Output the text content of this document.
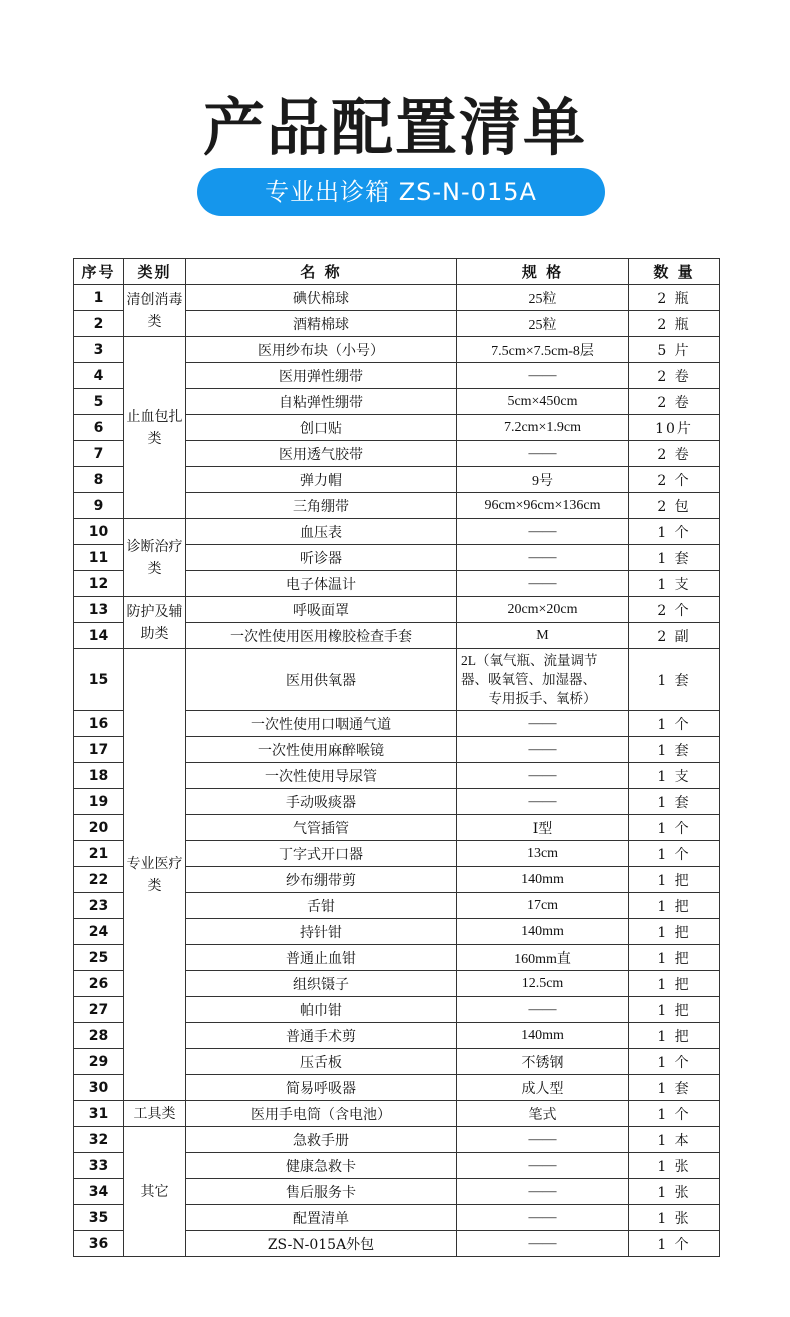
产品配置清单
专业出诊箱 ZS-N-015A
序号	类别	名 称	规 格	数 量
1	清创消毒类	碘伏棉球	25粒	2 瓶
2		酒精棉球	25粒	2 瓶
3	止血包扎类	医用纱布块（小号）	7.5cm×7.5cm-8层	5 片
4		医用弹性绷带	——	2 卷
5		自粘弹性绷带	5cm×450cm	2 卷
6		创口贴	7.2cm×1.9cm	10片
7		医用透气胶带	——	2 卷
8		弹力帽	9号	2 个
9		三角绷带	96cm×96cm×136cm	2 包
10	诊断治疗类	血压表	——	1 个
11		听诊器	——	1 套
12		电子体温计	——	1 支
13	防护及辅助类	呼吸面罩	20cm×20cm	2 个
14		一次性使用医用橡胶检查手套	M	2 副
15	专业医疗类	医用供氧器	2L（氧气瓶、流量调节
器、吸氧管、加湿器、
专用扳手、氧桥）	1 套
16		一次性使用口咽通气道	——	1 个
17		一次性使用麻醉喉镜	——	1 套
18		一次性使用导尿管	——	1 支
19		手动吸痰器	——	1 套
20		气管插管	Ⅰ型	1 个
21		丁字式开口器	13cm	1 个
22		纱布绷带剪	140mm	1 把
23		舌钳	17cm	1 把
24		持针钳	140mm	1 把
25		普通止血钳	160mm直	1 把
26		组织镊子	12.5cm	1 把
27		帕巾钳	——	1 把
28		普通手术剪	140mm	1 把
29		压舌板	不锈钢	1 个
30		简易呼吸器	成人型	1 套
31	工具类	医用手电筒（含电池）	笔式	1 个
32	其它	急救手册	——	1 本
33		健康急救卡	——	1 张
34		售后服务卡	——	1 张
35		配置清单	——	1 张
36		ZS-N-015A外包	——	1 个
